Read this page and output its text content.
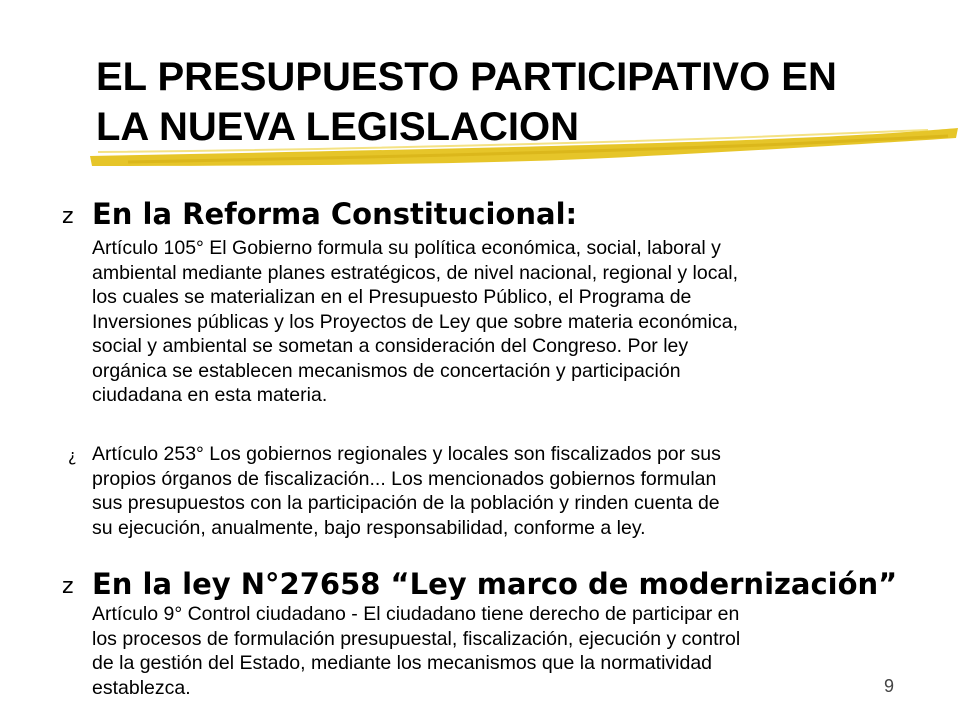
EL PRESUPUESTO PARTICIPATIVO EN
LA NUEVA LEGISLACION
z En la Reforma Constitucional:
Artículo 105° El Gobierno formula su política económica, social, laboral y
ambiental mediante planes estratégicos, de nivel nacional, regional y local,
los cuales se materializan en el Presupuesto Público, el Programa de
Inversiones públicas y los Proyectos de Ley que sobre materia económica,
social y ambiental se sometan a consideración del Congreso. Por ley
orgánica se establecen mecanismos de concertación y participación
ciudadana en esta materia.
¿ Artículo 253° Los gobiernos regionales y locales son fiscalizados por sus
propios órganos de fiscalización... Los mencionados gobiernos formulan
sus presupuestos con la participación de la población y rinden cuenta de
su ejecución, anualmente, bajo responsabilidad, conforme a ley.
z En la ley N°27658 “Ley marco de modernización”
Artículo 9° Control ciudadano - El ciudadano tiene derecho de participar en
los procesos de formulación presupuestal, fiscalización, ejecución y control
de la gestión del Estado, mediante los mecanismos que la normatividad
establezca.	9
